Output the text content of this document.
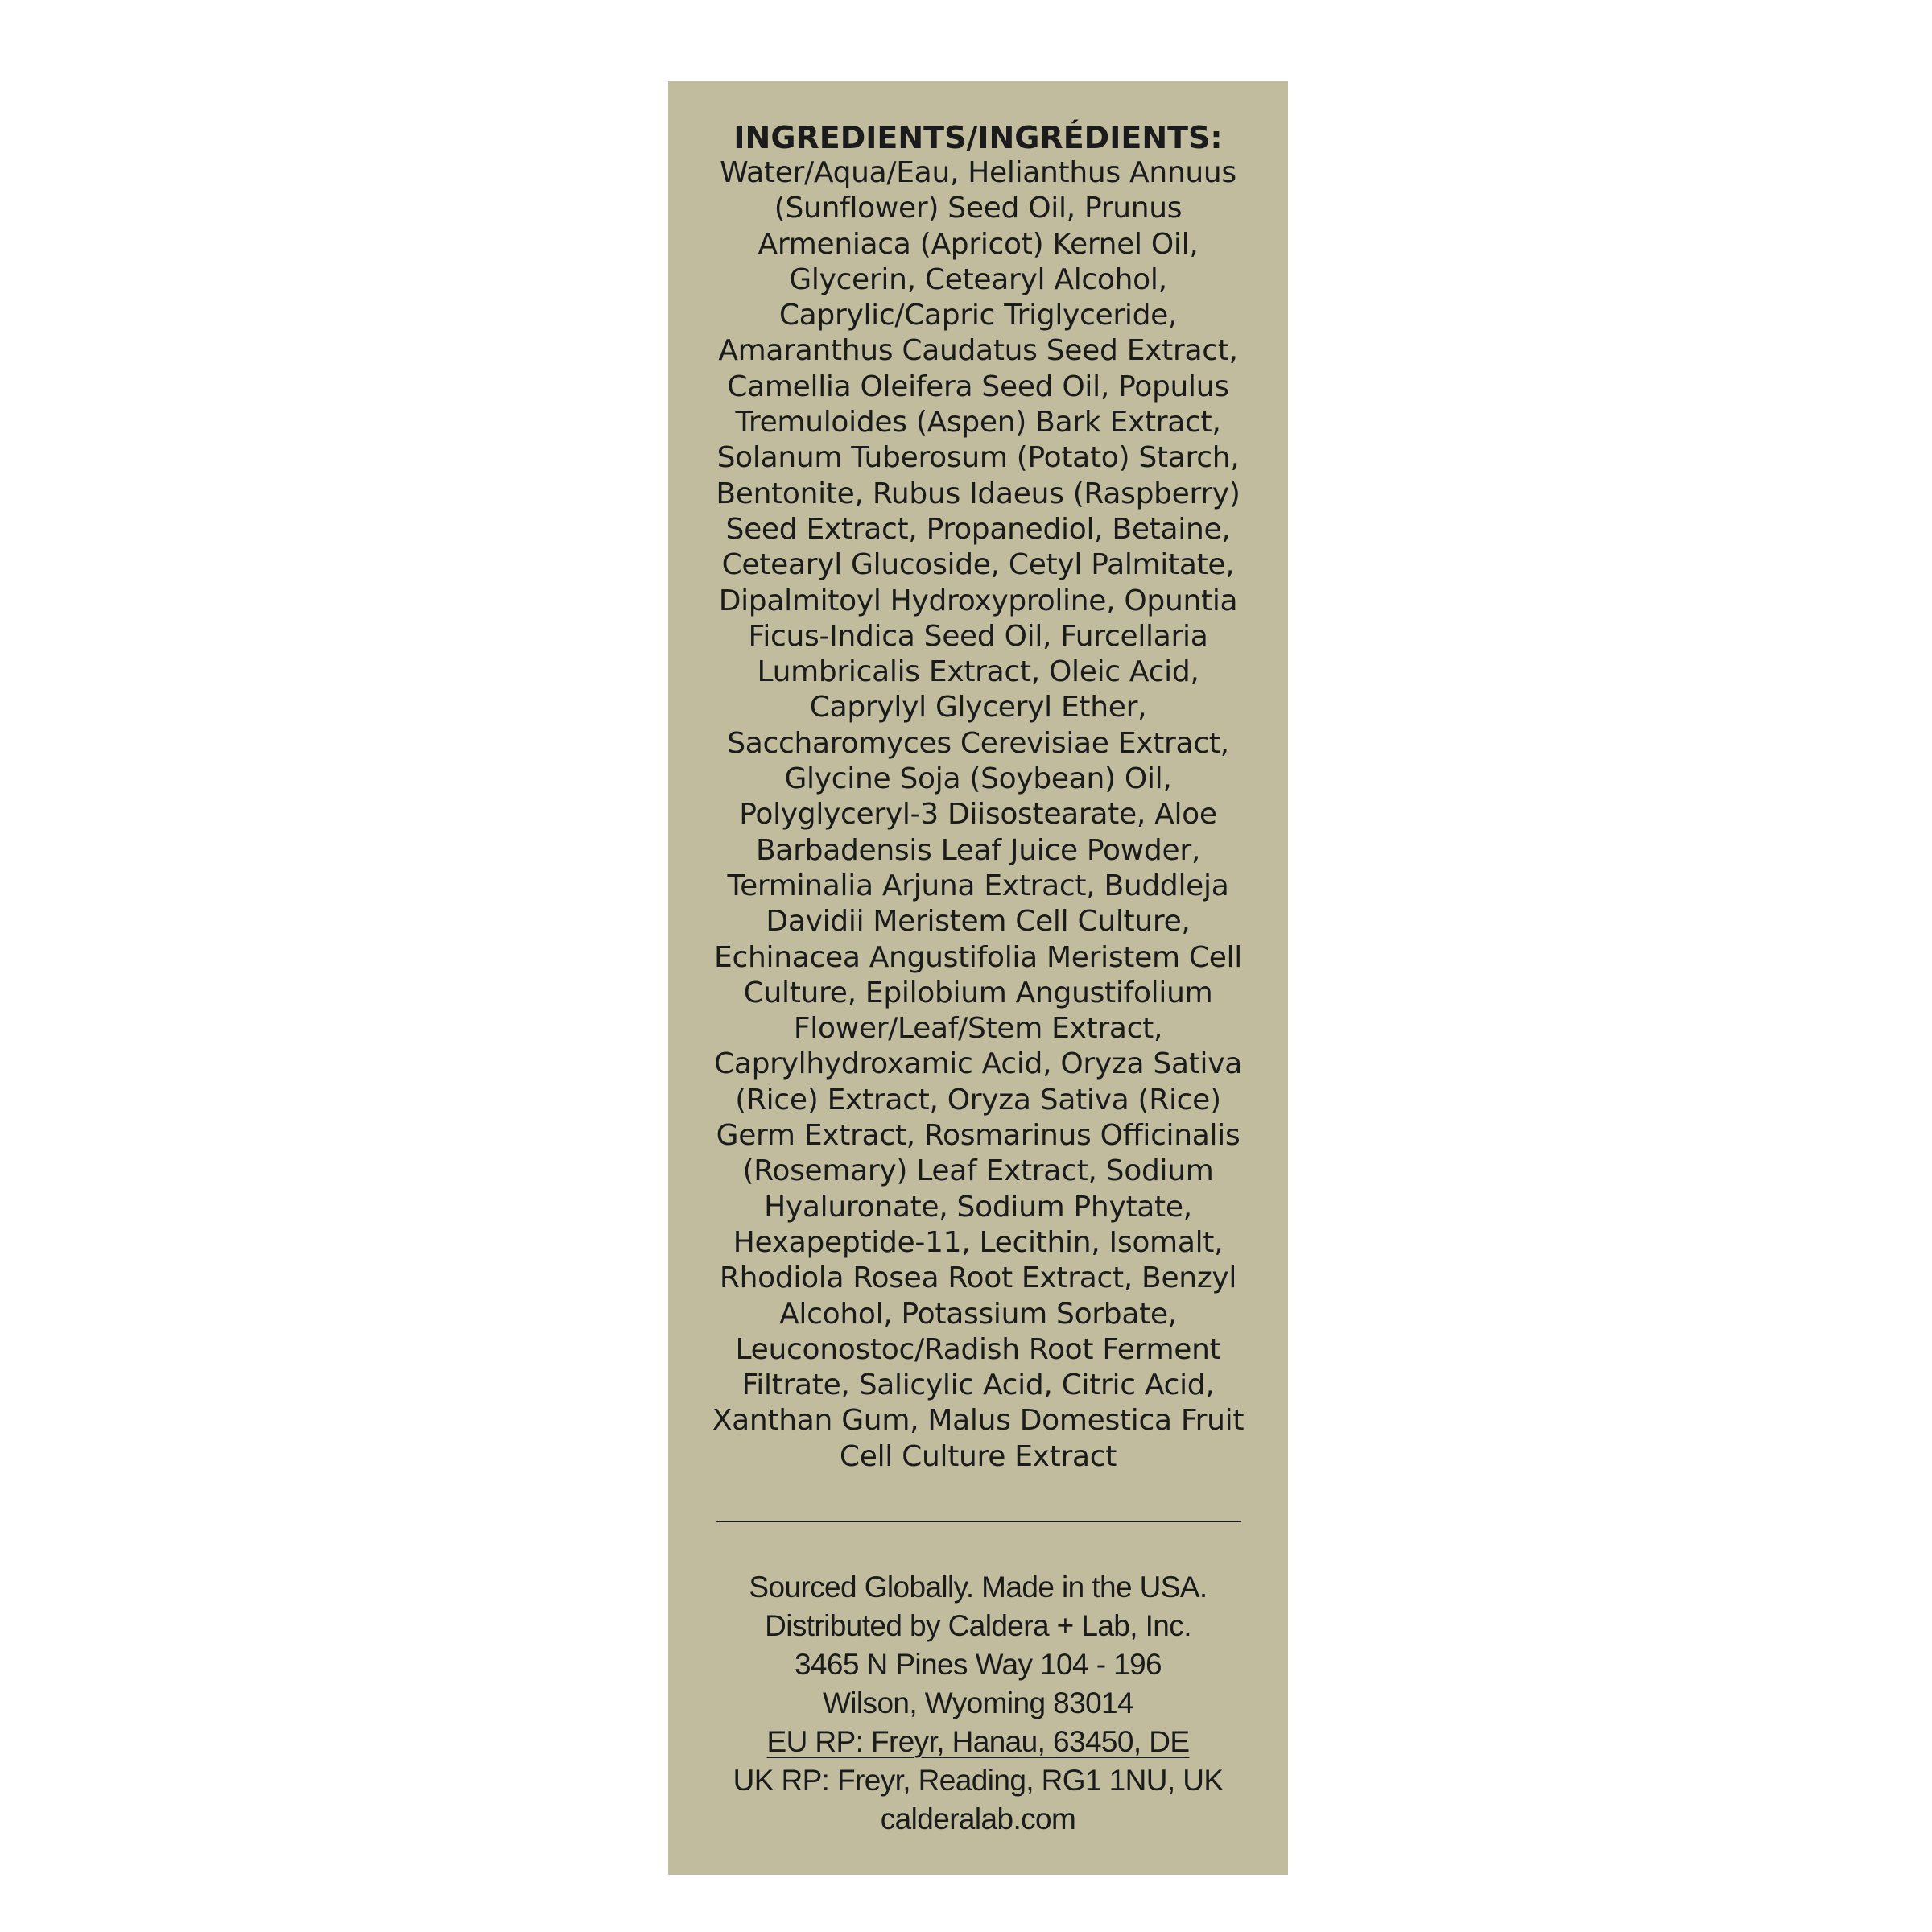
INGREDIENTS/INGRÉDIENTS:
Water/Aqua/Eau, Helianthus Annuus
(Sunflower) Seed Oil, Prunus
Armeniaca (Apricot) Kernel Oil,
Glycerin, Cetearyl Alcohol,
Caprylic/Capric Triglyceride,
Amaranthus Caudatus Seed Extract,
Camellia Oleifera Seed Oil, Populus
Tremuloides (Aspen) Bark Extract,
Solanum Tuberosum (Potato) Starch,
Bentonite, Rubus Idaeus (Raspberry)
Seed Extract, Propanediol, Betaine,
Cetearyl Glucoside, Cetyl Palmitate,
Dipalmitoyl Hydroxyproline, Opuntia
Ficus-Indica Seed Oil, Furcellaria
Lumbricalis Extract, Oleic Acid,
Caprylyl Glyceryl Ether,
Saccharomyces Cerevisiae Extract,
Glycine Soja (Soybean) Oil,
Polyglyceryl-3 Diisostearate, Aloe
Barbadensis Leaf Juice Powder,
Terminalia Arjuna Extract, Buddleja
Davidii Meristem Cell Culture,
Echinacea Angustifolia Meristem Cell
Culture, Epilobium Angustifolium
Flower/Leaf/Stem Extract,
Caprylhydroxamic Acid, Oryza Sativa
(Rice) Extract, Oryza Sativa (Rice)
Germ Extract, Rosmarinus Officinalis
(Rosemary) Leaf Extract, Sodium
Hyaluronate, Sodium Phytate,
Hexapeptide-11, Lecithin, Isomalt,
Rhodiola Rosea Root Extract, Benzyl
Alcohol, Potassium Sorbate,
Leuconostoc/Radish Root Ferment
Filtrate, Salicylic Acid, Citric Acid,
Xanthan Gum, Malus Domestica Fruit
Cell Culture Extract
Sourced Globally. Made in the USA.
Distributed by Caldera + Lab, Inc.
3465 N Pines Way 104 - 196
Wilson, Wyoming 83014
EU RP: Freyr, Hanau, 63450, DE
UK RP: Freyr, Reading, RG1 1NU, UK
calderalab.com
